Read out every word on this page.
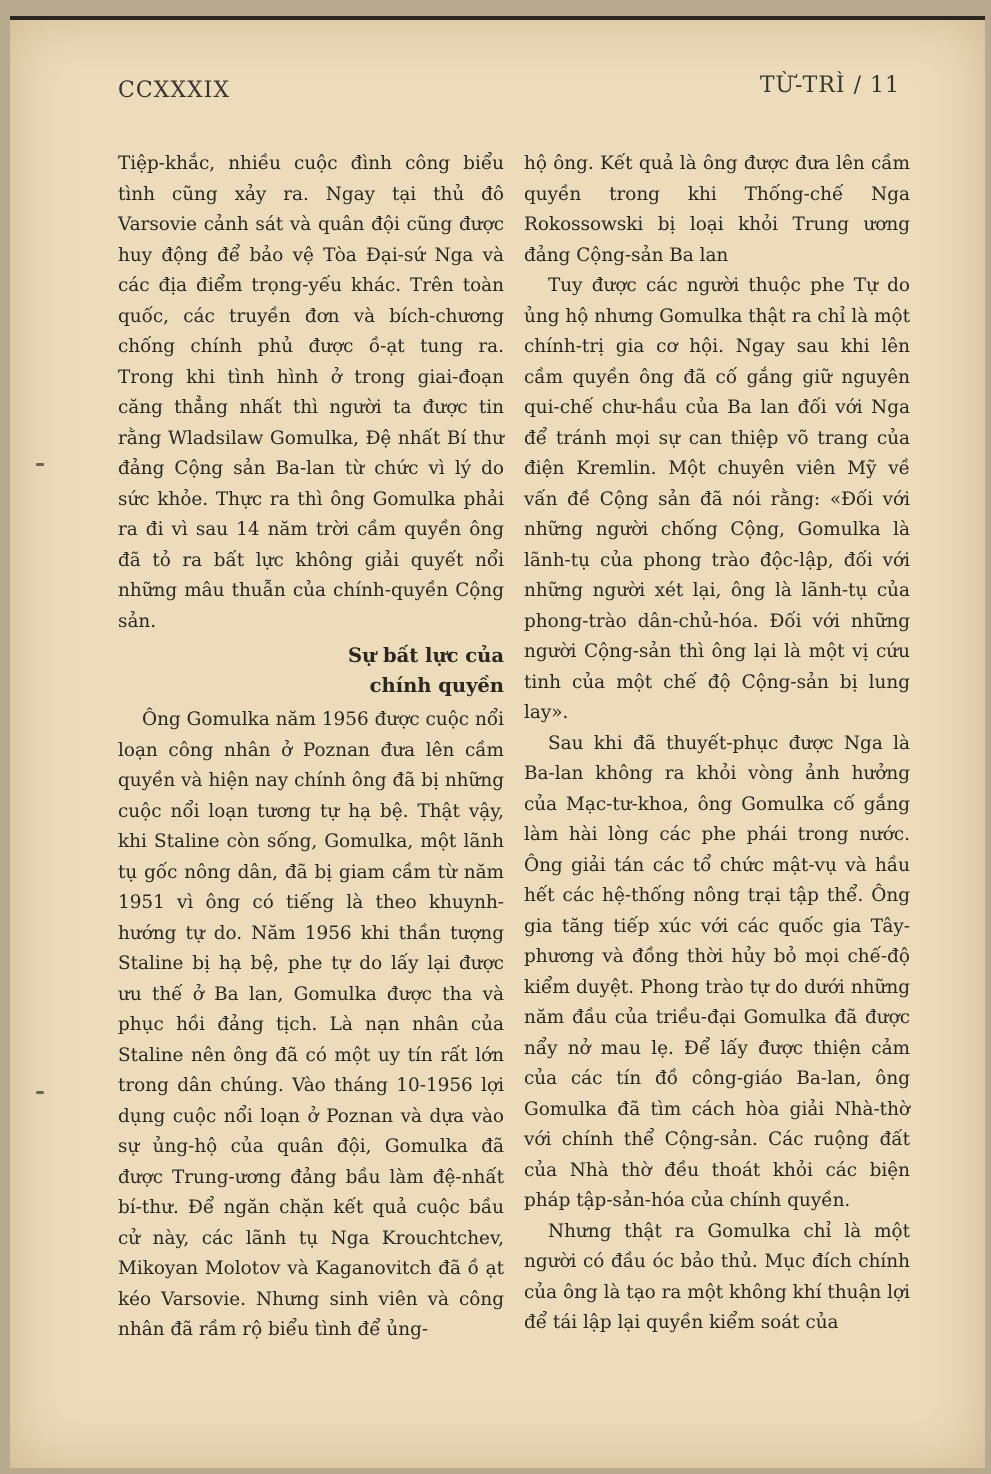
CCXXXIX	TỪ-TRÌ / 11

Tiệp-khắc, nhiều cuộc đình công biểu tình cũng xảy ra. Ngay tại thủ đô Varsovie cảnh sát và quân đội cũng được huy động để bảo vệ Tòa Đại-sứ Nga và các địa điểm trọng-yếu khác. Trên toàn quốc, các truyền đơn và bích-chương chống chính phủ được ồ-ạt tung ra. Trong khi tình hình ở trong giai-đoạn căng thẳng nhất thì người ta được tin rằng Wladsilaw Gomulka, Đệ nhất Bí thư đảng Cộng sản Ba-lan từ chức vì lý do sức khỏe. Thực ra thì ông Gomulka phải ra đi vì sau 14 năm trời cầm quyền ông đã tỏ ra bất lực không giải quyết nổi những mâu thuẫn của chính-quyền Cộng sản.

Sự bất lực của
chính quyền

Ông Gomulka năm 1956 được cuộc nổi loạn công nhân ở Poznan đưa lên cầm quyền và hiện nay chính ông đã bị những cuộc nổi loạn tương tự hạ bệ. Thật vậy, khi Staline còn sống, Gomulka, một lãnh tụ gốc nông dân, đã bị giam cầm từ năm 1951 vì ông có tiếng là theo khuynh-hướng tự do. Năm 1956 khi thần tượng Staline bị hạ bệ, phe tự do lấy lại được ưu thế ở Ba lan, Gomulka được tha và phục hồi đảng tịch. Là nạn nhân của Staline nên ông đã có một uy tín rất lớn trong dân chúng. Vào tháng 10-1956 lợi dụng cuộc nổi loạn ở Poznan và dựa vào sự ủng-hộ của quân đội, Gomulka đã được Trung-ương đảng bầu làm đệ-nhất bí-thư. Để ngăn chặn kết quả cuộc bầu cử này, các lãnh tụ Nga Krouchtchev, Mikoyan Molotov và Kaganovitch đã ồ ạt kéo Varsovie. Nhưng sinh viên và công nhân đã rầm rộ biểu tình để ủng-

hộ ông. Kết quả là ông được đưa lên cầm quyền trong khi Thống-chế Nga Rokossowski bị loại khỏi Trung ương đảng Cộng-sản Ba lan

Tuy được các người thuộc phe Tự do ủng hộ nhưng Gomulka thật ra chỉ là một chính-trị gia cơ hội. Ngay sau khi lên cầm quyền ông đã cố gắng giữ nguyên qui-chế chư-hầu của Ba lan đối với Nga để tránh mọi sự can thiệp võ trang của điện Kremlin. Một chuyên viên Mỹ về vấn đề Cộng sản đã nói rằng: «Đối với những người chống Cộng, Gomulka là lãnh-tụ của phong trào độc-lập, đối với những người xét lại, ông là lãnh-tụ của phong-trào dân-chủ-hóa. Đối với những người Cộng-sản thì ông lại là một vị cứu tinh của một chế độ Cộng-sản bị lung lay».

Sau khi đã thuyết-phục được Nga là Ba-lan không ra khỏi vòng ảnh hưởng của Mạc-tư-khoa, ông Gomulka cố gắng làm hài lòng các phe phái trong nước. Ông giải tán các tổ chức mật-vụ và hầu hết các hệ-thống nông trại tập thể. Ông gia tăng tiếp xúc với các quốc gia Tây-phương và đồng thời hủy bỏ mọi chế-độ kiểm duyệt. Phong trào tự do dưới những năm đầu của triều-đại Gomulka đã được nẩy nở mau lẹ. Để lấy được thiện cảm của các tín đồ công-giáo Ba-lan, ông Gomulka đã tìm cách hòa giải Nhà-thờ với chính thể Cộng-sản. Các ruộng đất của Nhà thờ đều thoát khỏi các biện pháp tập-sản-hóa của chính quyền.

Nhưng thật ra Gomulka chỉ là một người có đầu óc bảo thủ. Mục đích chính của ông là tạo ra một không khí thuận lợi để tái lập lại quyền kiểm soát của
